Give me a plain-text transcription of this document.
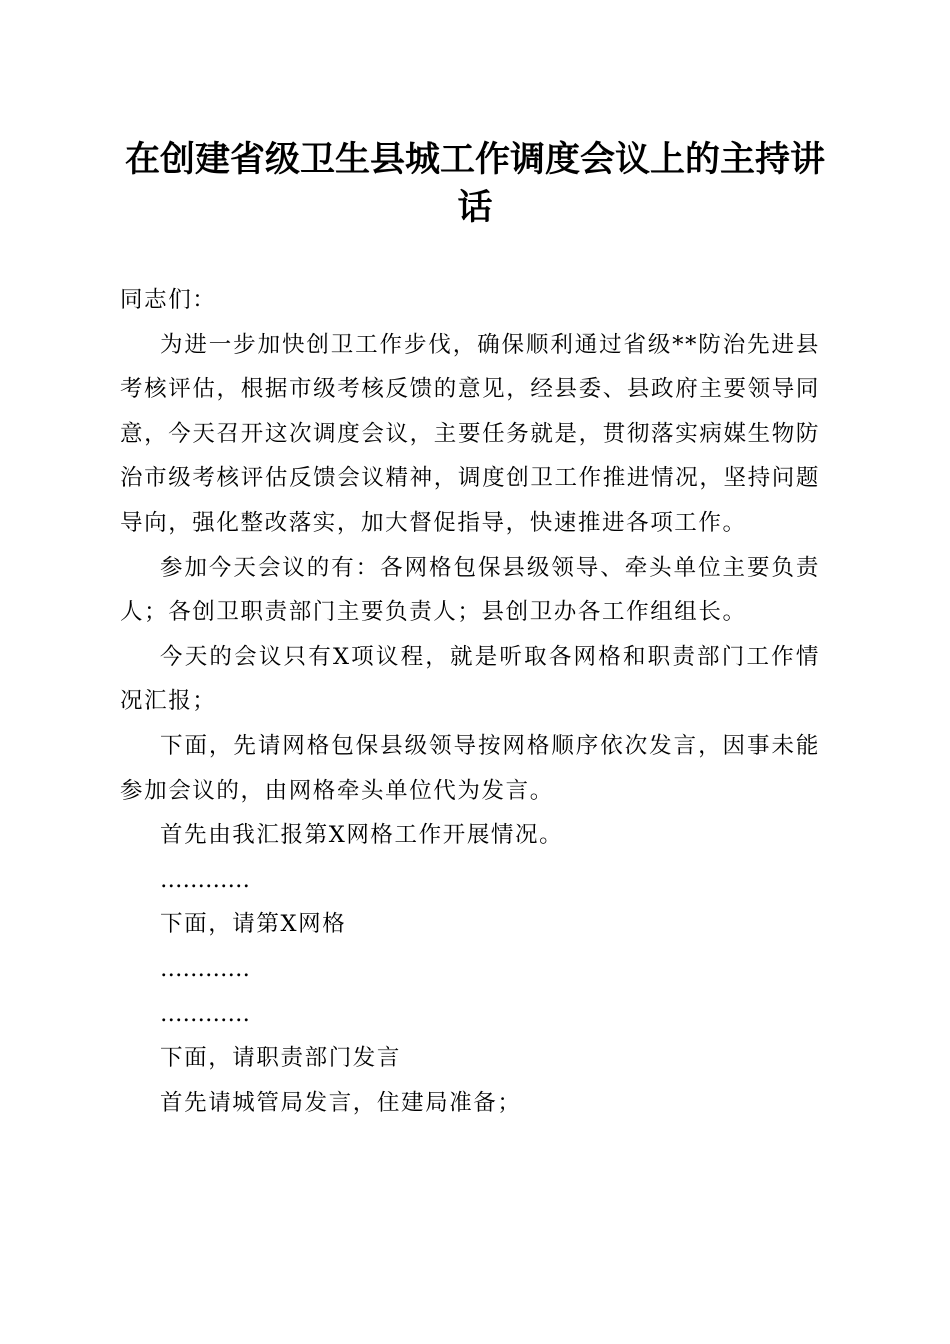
在创建省级卫生县城工作调度会议上的主持讲话

同志们：

为进一步加快创卫工作步伐，确保顺利通过省级**防治先进县考核评估，根据市级考核反馈的意见，经县委、县政府主要领导同意，今天召开这次调度会议，主要任务就是，贯彻落实病媒生物防治市级考核评估反馈会议精神，调度创卫工作推进情况，坚持问题导向，强化整改落实，加大督促指导，快速推进各项工作。

参加今天会议的有：各网格包保县级领导、牵头单位主要负责人；各创卫职责部门主要负责人；县创卫办各工作组组长。

今天的会议只有X项议程，就是听取各网格和职责部门工作情况汇报；

下面，先请网格包保县级领导按网格顺序依次发言，因事未能参加会议的，由网格牵头单位代为发言。

首先由我汇报第X网格工作开展情况。

…………

下面，请第X网格

…………

…………

下面，请职责部门发言

首先请城管局发言，住建局准备；
